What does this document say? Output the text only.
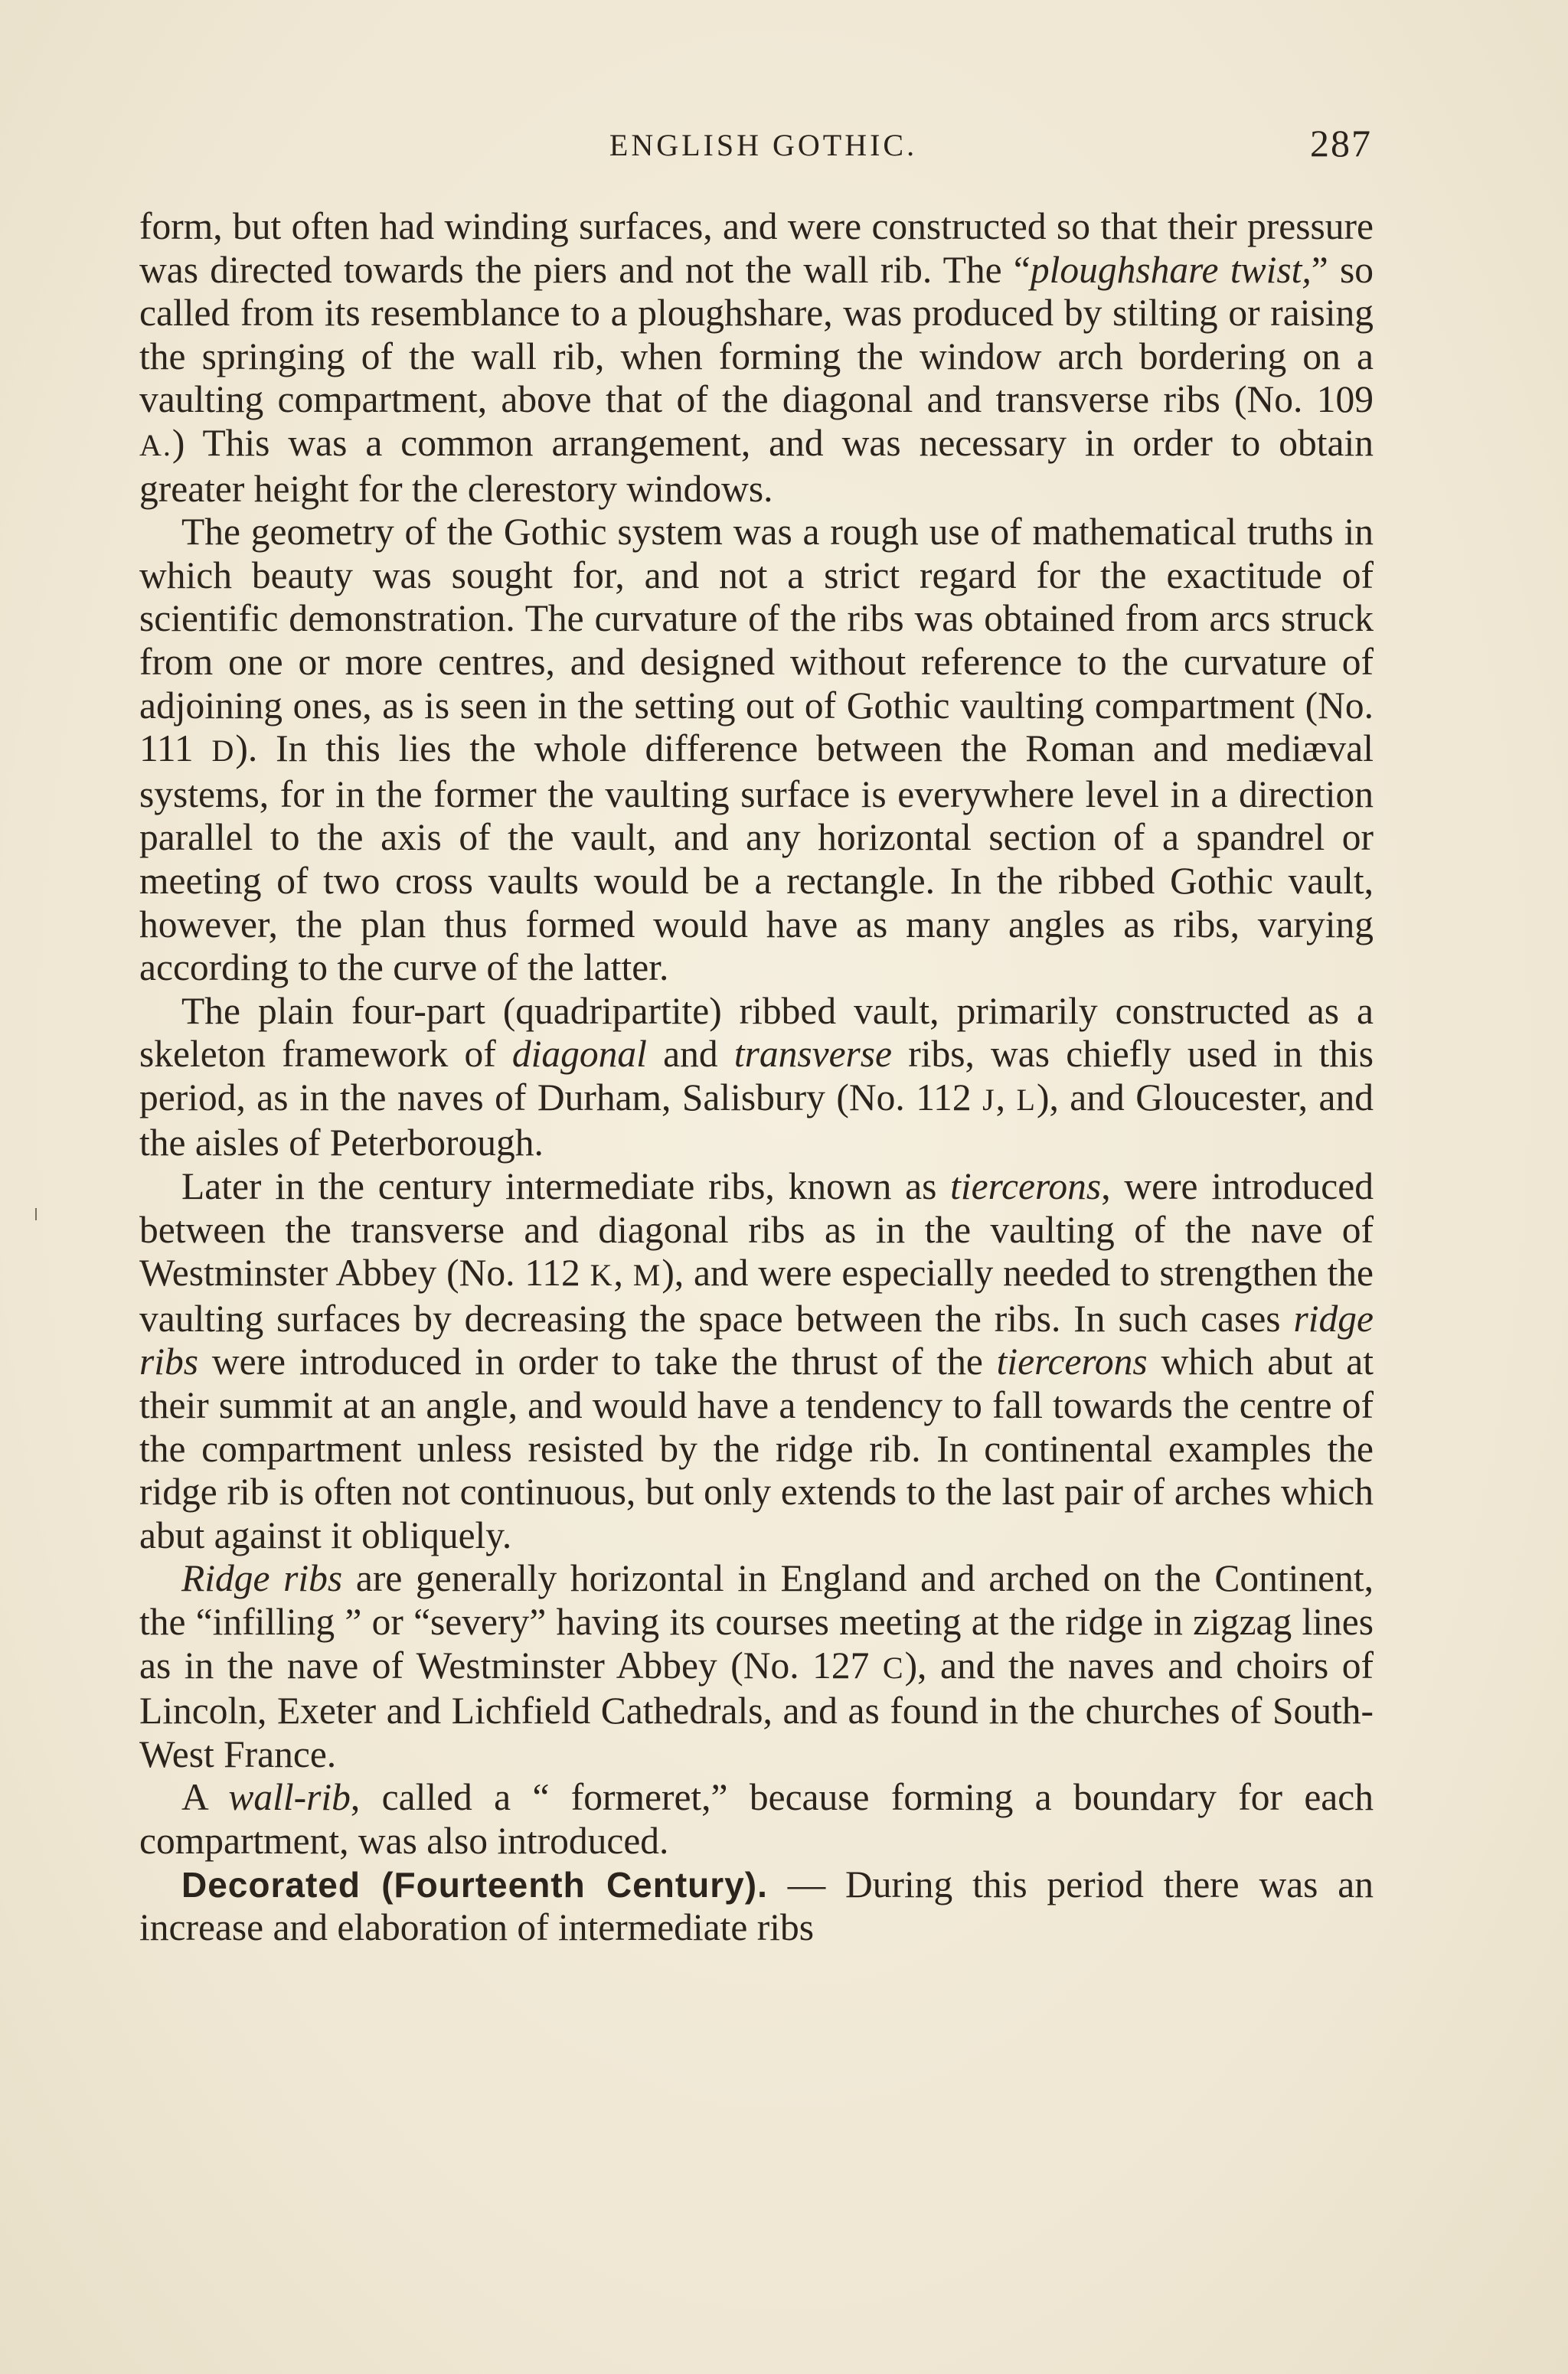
ENGLISH GOTHIC.	287

form, but often had winding surfaces, and were constructed so that their pressure was directed towards the piers and not the wall rib. The “ploughshare twist,” so called from its resemblance to a ploughshare, was produced by stilting or raising the springing of the wall rib, when forming the window arch bordering on a vaulting compartment, above that of the diagonal and transverse ribs (No. 109 A.) This was a common arrangement, and was necessary in order to obtain greater height for the clerestory windows.

The geometry of the Gothic system was a rough use of mathematical truths in which beauty was sought for, and not a strict regard for the exactitude of scientific demonstration. The curvature of the ribs was obtained from arcs struck from one or more centres, and designed without reference to the curvature of adjoining ones, as is seen in the setting out of Gothic vaulting compartment (No. 111 D). In this lies the whole difference between the Roman and mediæval systems, for in the former the vaulting surface is everywhere level in a direction parallel to the axis of the vault, and any horizontal section of a spandrel or meeting of two cross vaults would be a rectangle. In the ribbed Gothic vault, however, the plan thus formed would have as many angles as ribs, varying according to the curve of the latter.

The plain four-part (quadripartite) ribbed vault, primarily constructed as a skeleton framework of diagonal and transverse ribs, was chiefly used in this period, as in the naves of Durham, Salisbury (No. 112 J, L), and Gloucester, and the aisles of Peterborough.

Later in the century intermediate ribs, known as tiercerons, were introduced between the transverse and diagonal ribs as in the vaulting of the nave of Westminster Abbey (No. 112 K, M), and were especially needed to strengthen the vaulting surfaces by decreasing the space between the ribs. In such cases ridge ribs were introduced in order to take the thrust of the tiercerons which abut at their summit at an angle, and would have a tendency to fall towards the centre of the compartment unless resisted by the ridge rib. In continental examples the ridge rib is often not continuous, but only extends to the last pair of arches which abut against it obliquely.

Ridge ribs are generally horizontal in England and arched on the Continent, the “infilling ” or “severy” having its courses meeting at the ridge in zigzag lines as in the nave of Westminster Abbey (No. 127 C), and the naves and choirs of Lincoln, Exeter and Lichfield Cathedrals, and as found in the churches of South-West France.

A wall-rib, called a “ formeret,” because forming a boundary for each compartment, was also introduced.

Decorated (Fourteenth Century). — During this period there was an increase and elaboration of intermediate ribs
